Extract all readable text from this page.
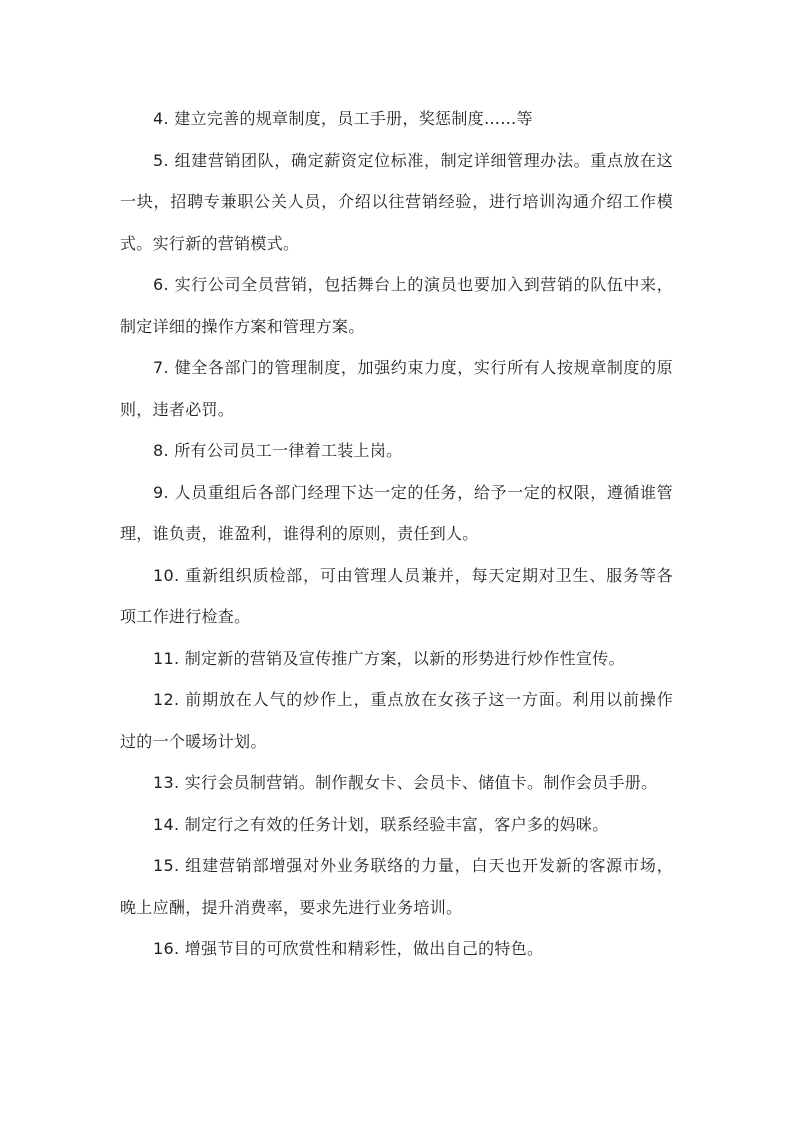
4. 建立完善的规章制度，员工手册，奖惩制度……等

5. 组建营销团队，确定薪资定位标准，制定详细管理办法。重点放在这一块，招聘专兼职公关人员，介绍以往营销经验，进行培训沟通介绍工作模式。实行新的营销模式。

6. 实行公司全员营销，包括舞台上的演员也要加入到营销的队伍中来，制定详细的操作方案和管理方案。

7. 健全各部门的管理制度，加强约束力度，实行所有人按规章制度的原则，违者必罚。

8. 所有公司员工一律着工装上岗。

9. 人员重组后各部门经理下达一定的任务，给予一定的权限，遵循谁管理，谁负责，谁盈利，谁得利的原则，责任到人。

10. 重新组织质检部，可由管理人员兼并，每天定期对卫生、服务等各项工作进行检查。

11. 制定新的营销及宣传推广方案，以新的形势进行炒作性宣传。

12. 前期放在人气的炒作上，重点放在女孩子这一方面。利用以前操作过的一个暖场计划。

13. 实行会员制营销。制作靓女卡、会员卡、储值卡。制作会员手册。

14. 制定行之有效的任务计划，联系经验丰富，客户多的妈咪。

15. 组建营销部增强对外业务联络的力量，白天也开发新的客源市场，晚上应酬，提升消费率，要求先进行业务培训。

16. 增强节目的可欣赏性和精彩性，做出自己的特色。
